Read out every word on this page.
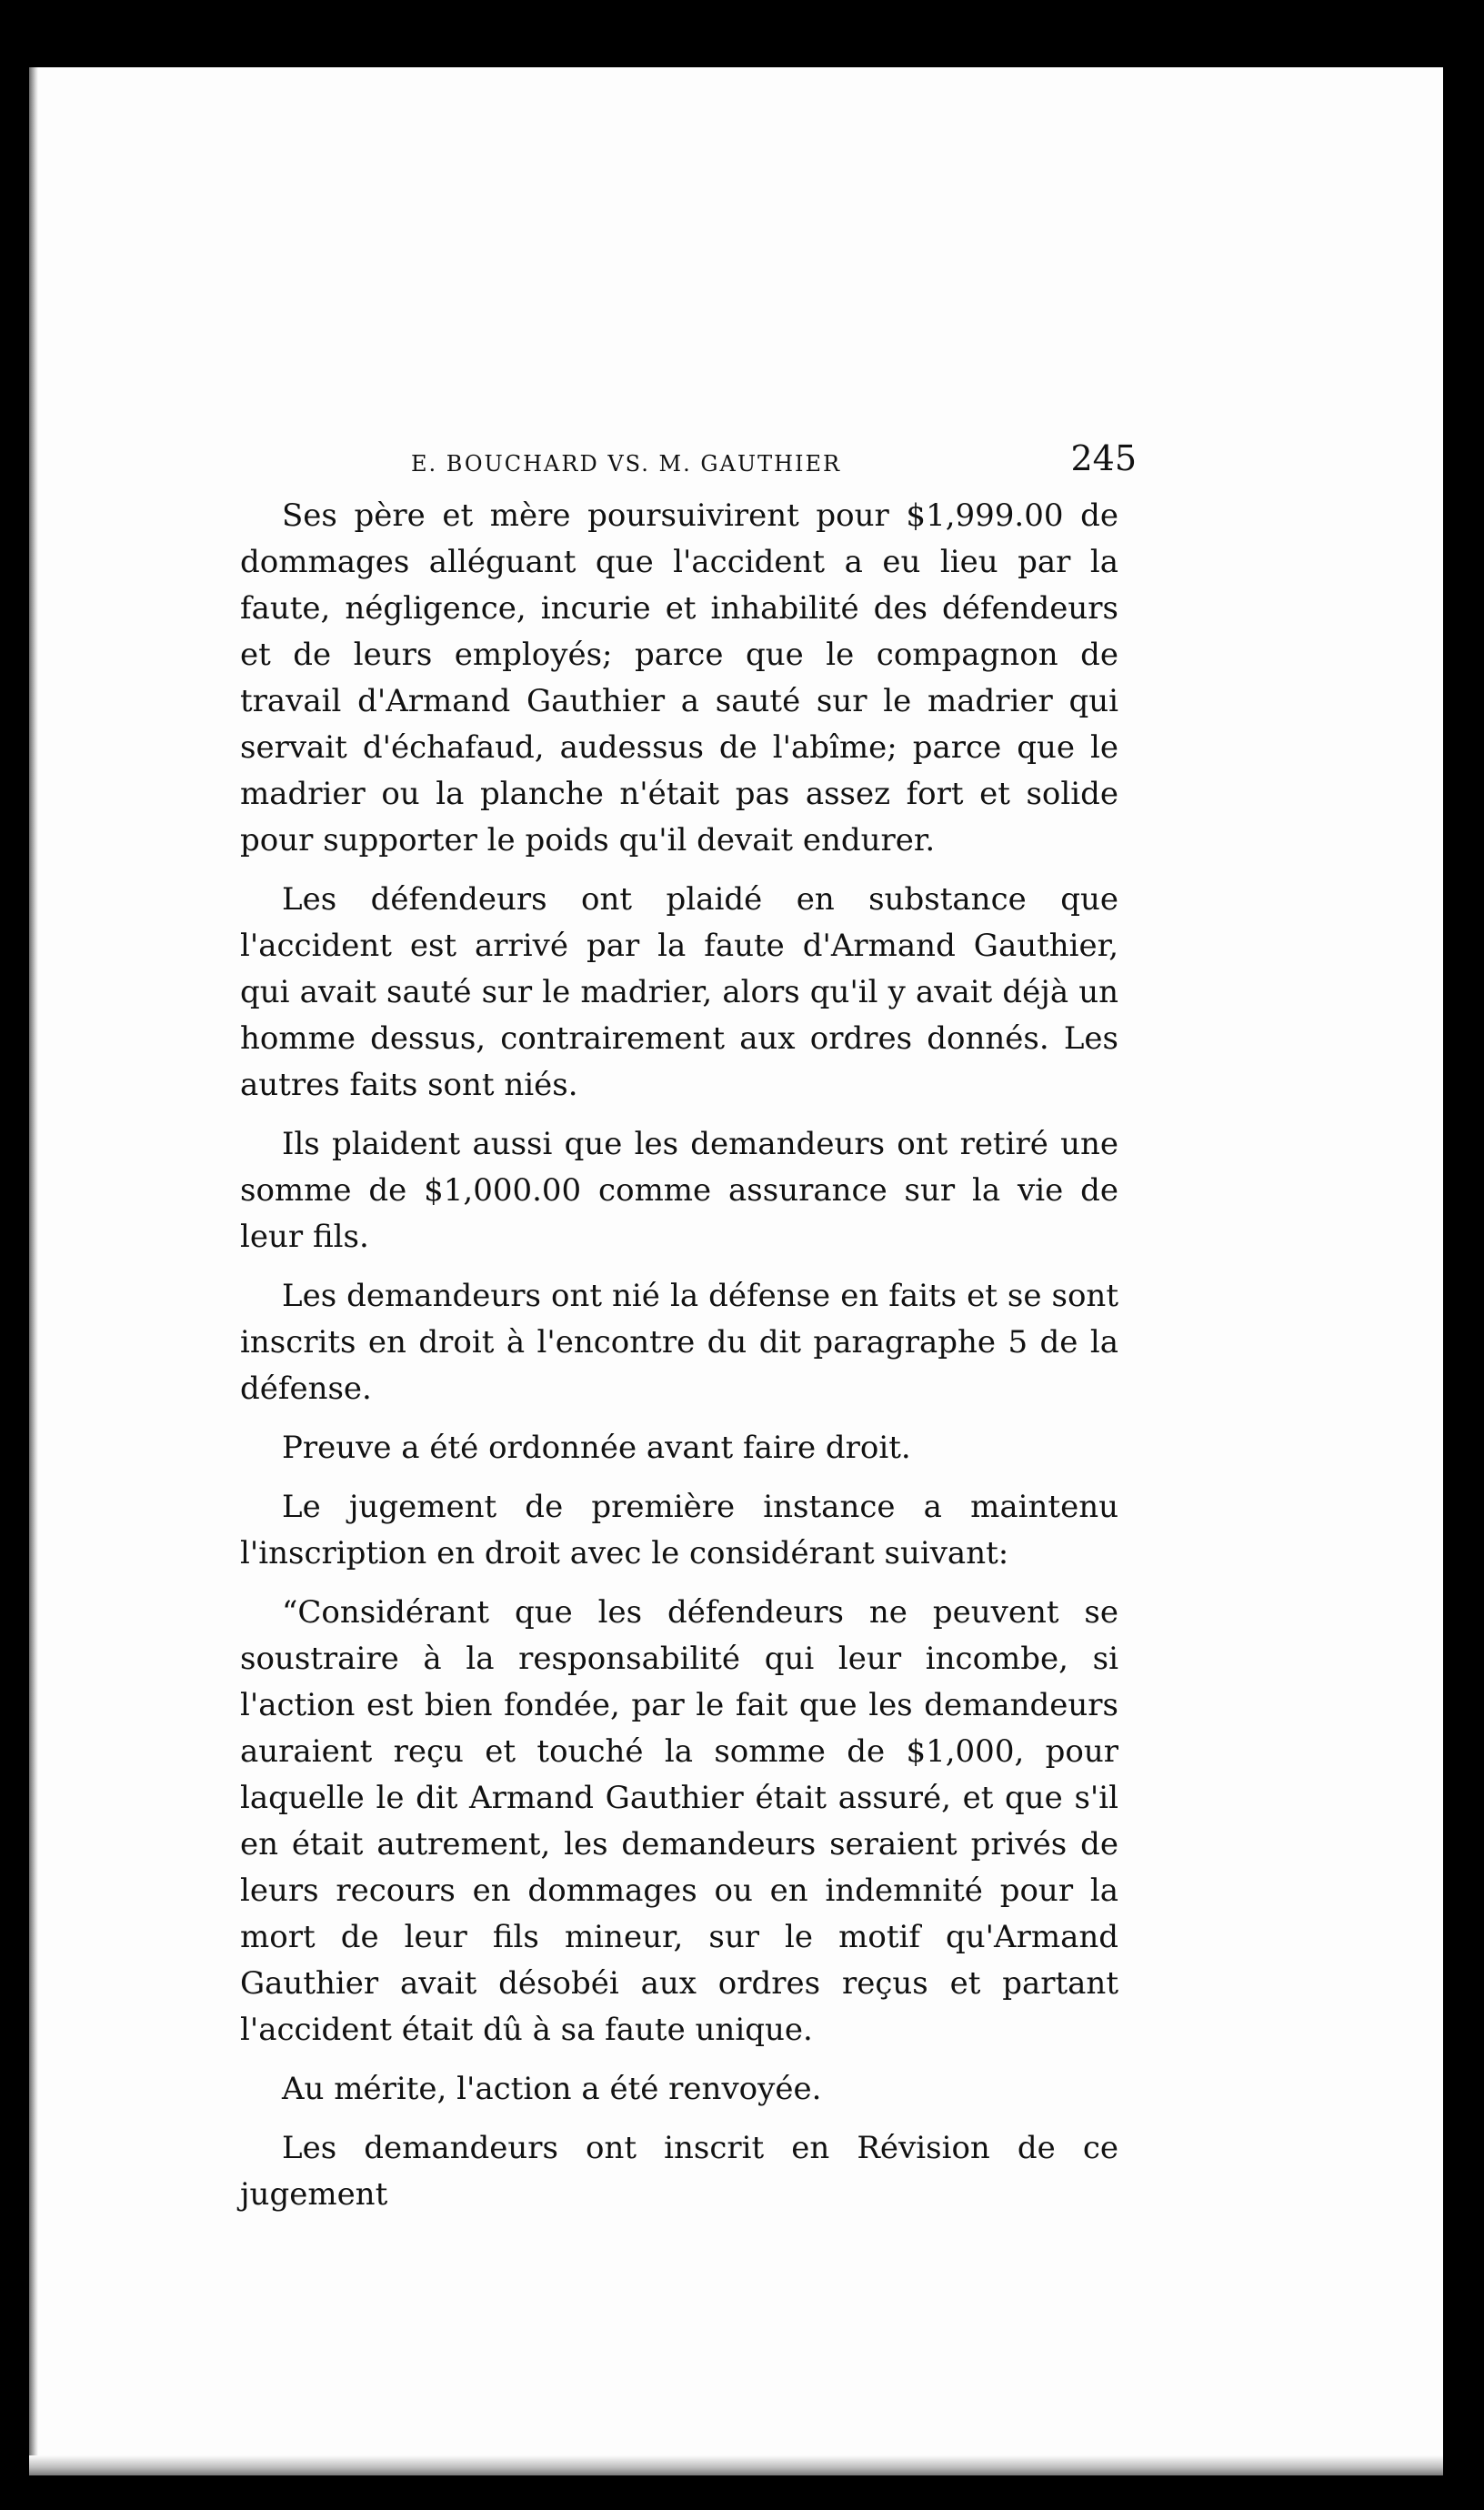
E. BOUCHARD VS. M. GAUTHIER	245

Ses père et mère poursuivirent pour $1,999.00 de dommages alléguant que l'accident a eu lieu par la faute, négligence, incurie et inhabilité des défendeurs et de leurs employés; parce que le compagnon de travail d'Armand Gauthier a sauté sur le madrier qui servait d'échafaud, audessus de l'abîme; parce que le madrier ou la planche n'était pas assez fort et solide pour supporter le poids qu'il devait endurer.

Les défendeurs ont plaidé en substance que l'accident est arrivé par la faute d'Armand Gauthier, qui avait sauté sur le madrier, alors qu'il y avait déjà un homme dessus, contrairement aux ordres donnés. Les autres faits sont niés.

Ils plaident aussi que les demandeurs ont retiré une somme de $1,000.00 comme assurance sur la vie de leur fils.

Les demandeurs ont nié la défense en faits et se sont inscrits en droit à l'encontre du dit paragraphe 5 de la défense.

Preuve a été ordonnée avant faire droit.

Le jugement de première instance a maintenu l'inscription en droit avec le considérant suivant:

“Considérant que les défendeurs ne peuvent se soustraire à la responsabilité qui leur incombe, si l'action est bien fondée, par le fait que les demandeurs auraient reçu et touché la somme de $1,000, pour laquelle le dit Armand Gauthier était assuré, et que s'il en était autrement, les demandeurs seraient privés de leurs recours en dommages ou en indemnité pour la mort de leur fils mineur, sur le motif qu'Armand Gauthier avait désobéi aux ordres reçus et partant l'accident était dû à sa faute unique.

Au mérite, l'action a été renvoyée.

Les demandeurs ont inscrit en Révision de ce jugement
